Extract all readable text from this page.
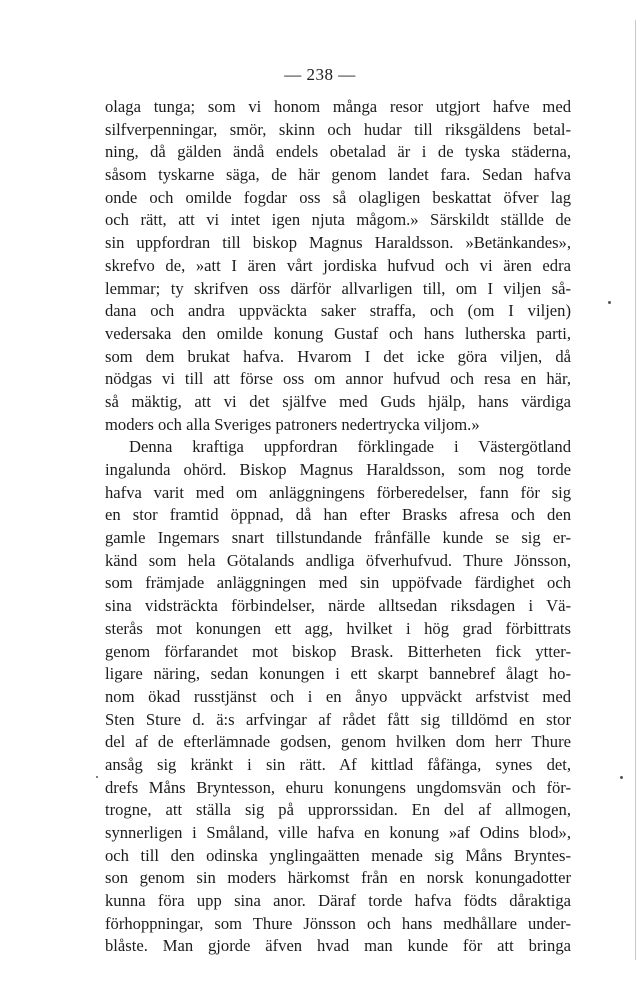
— 238 —
olaga tunga; som vi honom många resor utgjort hafve med
silfverpenningar, smör, skinn och hudar till riksgäldens betal-
ning, då gälden ändå endels obetalad är i de tyska städerna,
såsom tyskarne säga, de här genom landet fara. Sedan hafva
onde och omilde fogdar oss så olagligen beskattat öfver lag
och rätt, att vi intet igen njuta mågom.» Särskildt ställde de
sin uppfordran till biskop Magnus Haraldsson. »Betänkandes»,
skrefvo de, »att I ären vårt jordiska hufvud och vi ären edra
lemmar; ty skrifven oss därför allvarligen till, om I viljen så-
dana och andra uppväckta saker straffa, och (om I viljen)
vedersaka den omilde konung Gustaf och hans lutherska parti,
som dem brukat hafva. Hvarom I det icke göra viljen, då
nödgas vi till att förse oss om annor hufvud och resa en här,
så mäktig, att vi det själfve med Guds hjälp, hans värdiga
moders och alla Sveriges patroners nedertrycka viljom.»
Denna kraftiga uppfordran förklingade i Västergötland
ingalunda ohörd. Biskop Magnus Haraldsson, som nog torde
hafva varit med om anläggningens förberedelser, fann för sig
en stor framtid öppnad, då han efter Brasks afresa och den
gamle Ingemars snart tillstundande frånfälle kunde se sig er-
känd som hela Götalands andliga öfverhufvud. Thure Jönsson,
som främjade anläggningen med sin uppöfvade färdighet och
sina vidsträckta förbindelser, närde alltsedan riksdagen i Vä-
sterås mot konungen ett agg, hvilket i hög grad förbittrats
genom förfarandet mot biskop Brask. Bitterheten fick ytter-
ligare näring, sedan konungen i ett skarpt bannebref ålagt ho-
nom ökad russtjänst och i en ånyo uppväckt arfstvist med
Sten Sture d. ä:s arfvingar af rådet fått sig tilldömd en stor
del af de efterlämnade godsen, genom hvilken dom herr Thure
ansåg sig kränkt i sin rätt. Af kittlad fåfänga, synes det,
drefs Måns Bryntesson, ehuru konungens ungdomsvän och för-
trogne, att ställa sig på upprorssidan. En del af allmogen,
synnerligen i Småland, ville hafva en konung »af Odins blod»,
och till den odinska ynglingaätten menade sig Måns Bryntes-
son genom sin moders härkomst från en norsk konungadotter
kunna föra upp sina anor. Däraf torde hafva födts dåraktiga
förhoppningar, som Thure Jönsson och hans medhållare under-
blåste. Man gjorde äfven hvad man kunde för att bringa
